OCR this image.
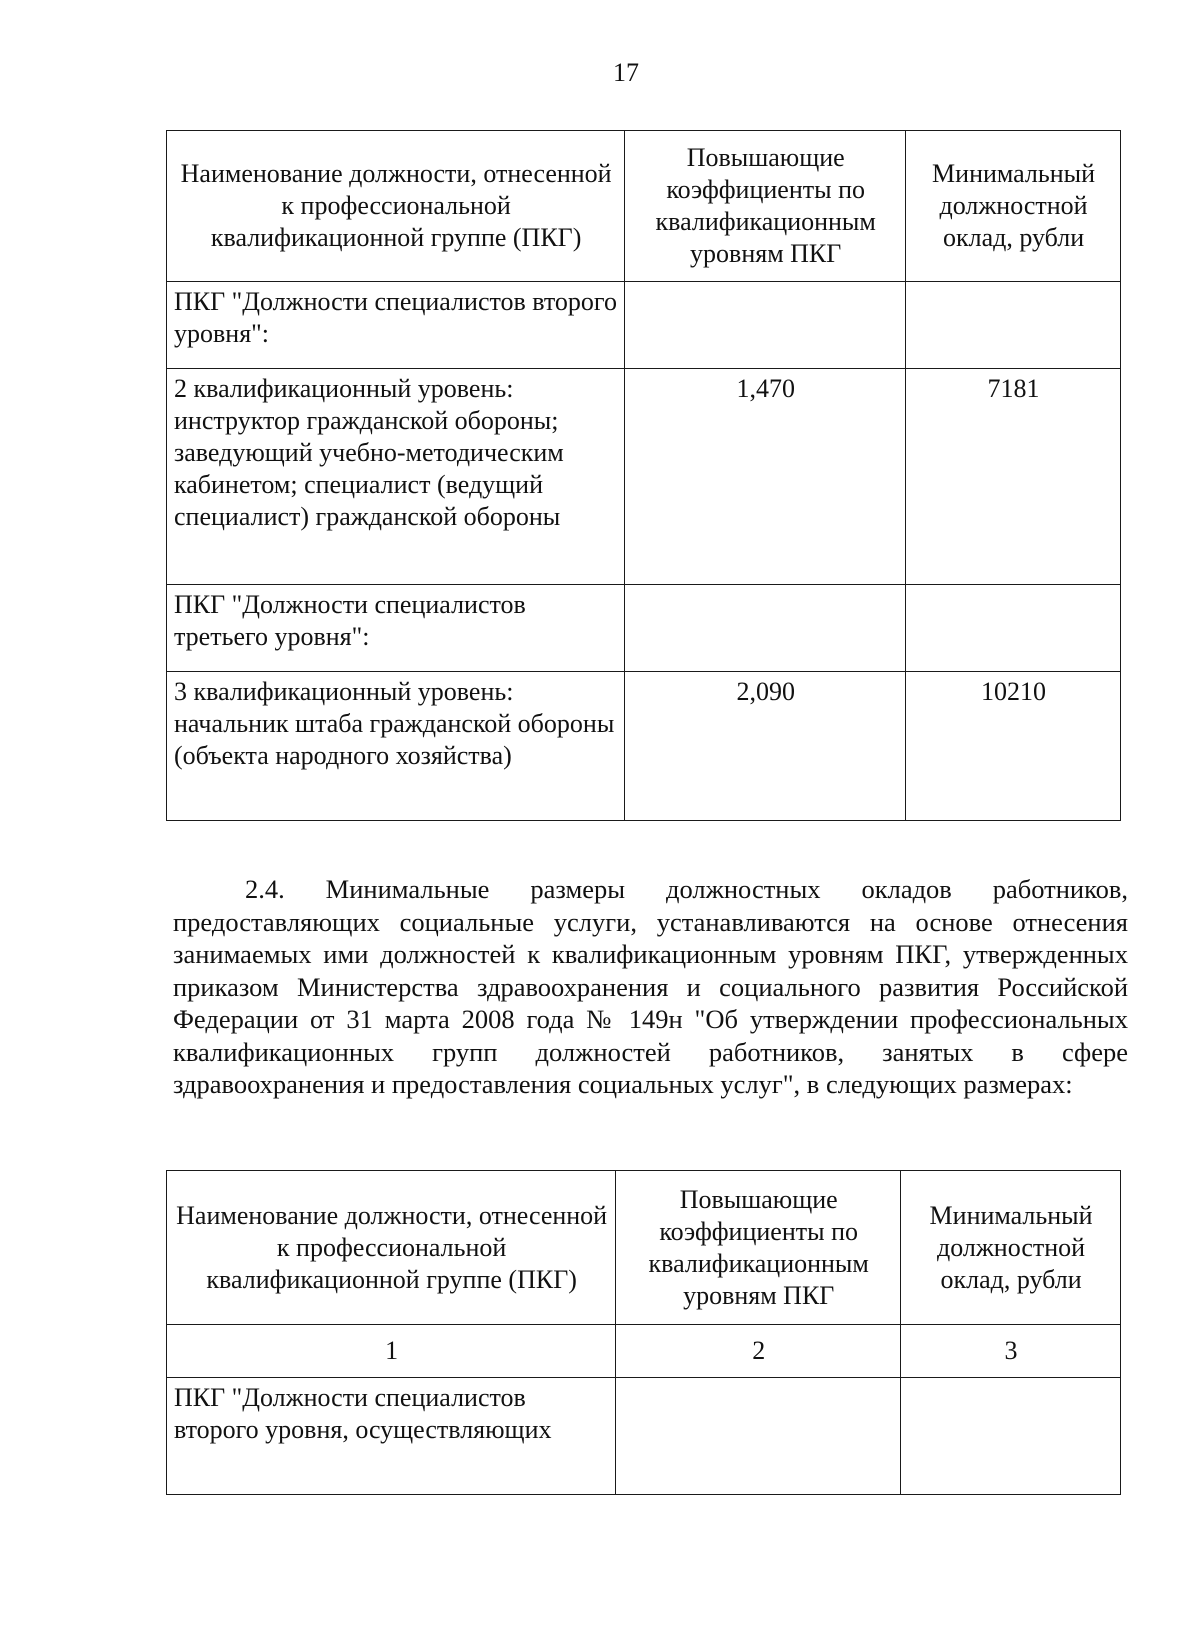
17
Наименование должности, отнесенной к профессиональной квалификационной группе (ПКГ)	Повышающие коэффициенты по квалификационным уровням ПКГ	Минимальный должностной оклад, рубли
ПКГ "Должности специалистов второго уровня":		
2 квалификационный уровень: инструктор гражданской обороны; заведующий учебно-методическим кабинетом; специалист (ведущий специалист) гражданской обороны	1,470	7181
ПКГ "Должности специалистов третьего уровня":		
3 квалификационный уровень: начальник штаба гражданской обороны (объекта народного хозяйства)	2,090	10210

2.4. Минимальные размеры должностных окладов работников, предоставляющих социальные услуги, устанавливаются на основе отнесения занимаемых ими должностей к квалификационным уровням ПКГ, утвержденных приказом Министерства здравоохранения и социального развития Российской Федерации от 31 марта 2008 года № 149н "Об утверждении профессиональных квалификационных групп должностей работников, занятых в сфере здравоохранения и предоставления социальных услуг", в следующих размерах:

Наименование должности, отнесенной к профессиональной квалификационной группе (ПКГ)	Повышающие коэффициенты по квалификационным уровням ПКГ	Минимальный должностной оклад, рубли
1	2	3
ПКГ "Должности специалистов второго уровня, осуществляющих		
